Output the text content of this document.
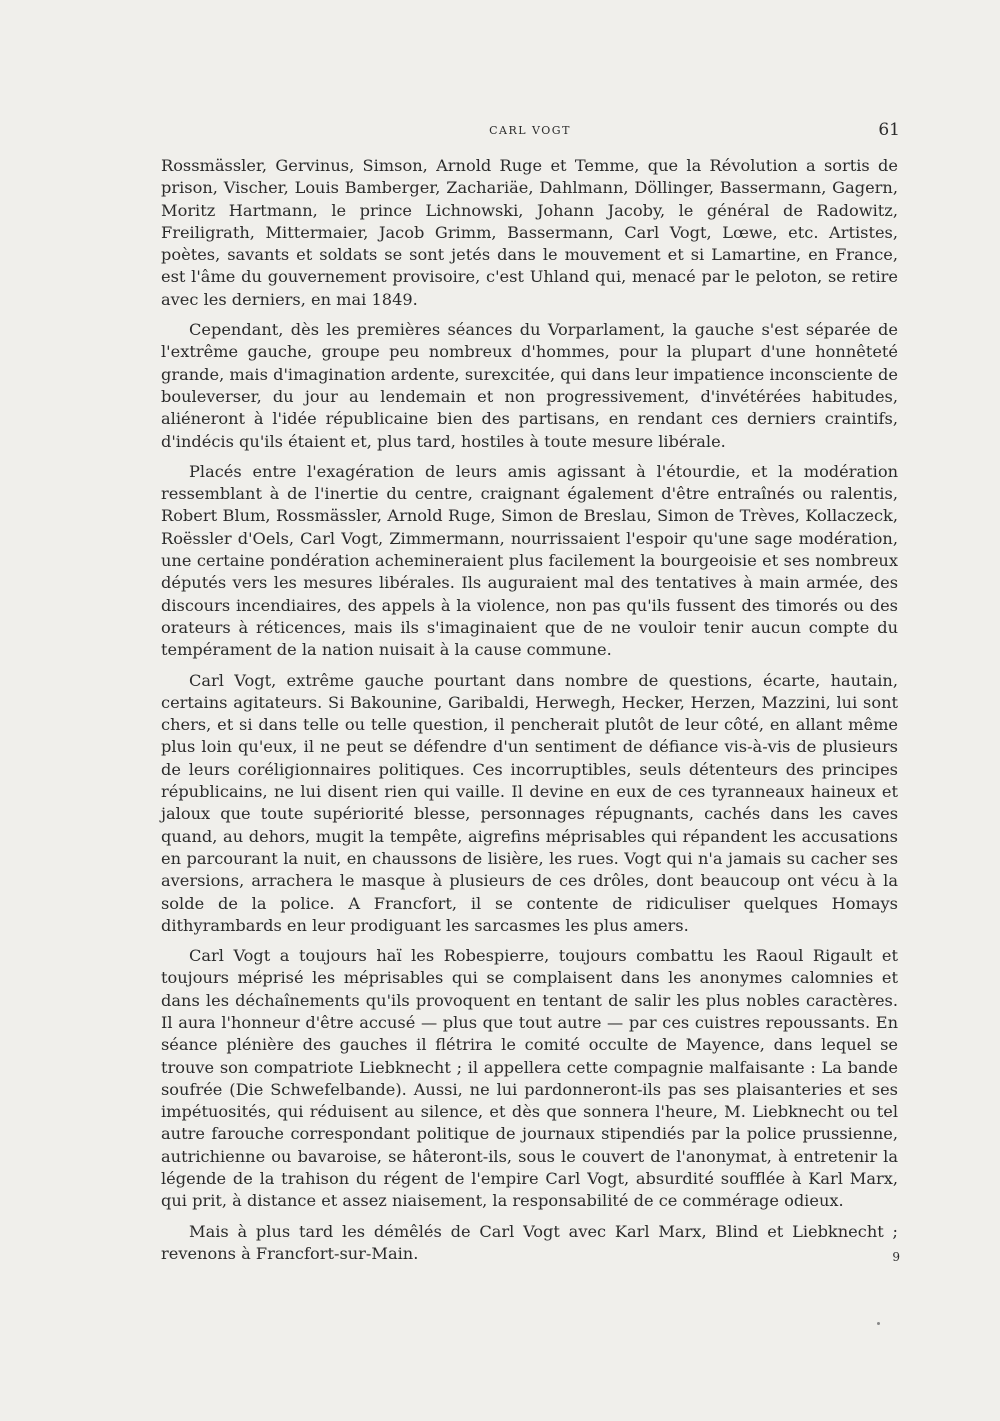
CARL VOGT	61

Rossmässler, Gervinus, Simson, Arnold Ruge et Temme, que la Révolution a sortis de prison, Vischer, Louis Bamberger, Zachariäe, Dahlmann, Döllinger, Bassermann, Gagern, Moritz Hartmann, le prince Lichnowski, Johann Jacoby, le général de Radowitz, Freiligrath, Mittermaier, Jacob Grimm, Bassermann, Carl Vogt, Lœwe, etc. Artistes, poètes, savants et soldats se sont jetés dans le mouvement et si Lamartine, en France, est l'âme du gouvernement provisoire, c'est Uhland qui, menacé par le peloton, se retire avec les derniers, en mai 1849.

Cependant, dès les premières séances du Vorparlament, la gauche s'est séparée de l'extrême gauche, groupe peu nombreux d'hommes, pour la plupart d'une honnêteté grande, mais d'imagination ardente, surexcitée, qui dans leur impatience inconsciente de bouleverser, du jour au lendemain et non progressivement, d'invétérées habitudes, aliéneront à l'idée républicaine bien des partisans, en rendant ces derniers craintifs, d'indécis qu'ils étaient et, plus tard, hostiles à toute mesure libérale.

Placés entre l'exagération de leurs amis agissant à l'étourdie, et la modération ressemblant à de l'inertie du centre, craignant également d'être entraînés ou ralentis, Robert Blum, Rossmässler, Arnold Ruge, Simon de Breslau, Simon de Trèves, Kollaczeck, Roëssler d'Oels, Carl Vogt, Zimmermann, nourrissaient l'espoir qu'une sage modération, une certaine pondération achemineraient plus facilement la bourgeoisie et ses nombreux députés vers les mesures libérales. Ils auguraient mal des tentatives à main armée, des discours incendiaires, des appels à la violence, non pas qu'ils fussent des timorés ou des orateurs à réticences, mais ils s'imaginaient que de ne vouloir tenir aucun compte du tempérament de la nation nuisait à la cause commune.

Carl Vogt, extrême gauche pourtant dans nombre de questions, écarte, hautain, certains agitateurs. Si Bakounine, Garibaldi, Herwegh, Hecker, Herzen, Mazzini, lui sont chers, et si dans telle ou telle question, il pencherait plutôt de leur côté, en allant même plus loin qu'eux, il ne peut se défendre d'un sentiment de défiance vis-à-vis de plusieurs de leurs coréligionnaires politiques. Ces incorruptibles, seuls détenteurs des principes républicains, ne lui disent rien qui vaille. Il devine en eux de ces tyranneaux haineux et jaloux que toute supériorité blesse, personnages répugnants, cachés dans les caves quand, au dehors, mugit la tempête, aigrefins méprisables qui répandent les accusations en parcourant la nuit, en chaussons de lisière, les rues. Vogt qui n'a jamais su cacher ses aversions, arrachera le masque à plusieurs de ces drôles, dont beaucoup ont vécu à la solde de la police. A Francfort, il se contente de ridiculiser quelques Homays dithyrambards en leur prodiguant les sarcasmes les plus amers.

Carl Vogt a toujours haï les Robespierre, toujours combattu les Raoul Rigault et toujours méprisé les méprisables qui se complaisent dans les anonymes calomnies et dans les déchaînements qu'ils provoquent en tentant de salir les plus nobles caractères. Il aura l'honneur d'être accusé — plus que tout autre — par ces cuistres repoussants. En séance plénière des gauches il flétrira le comité occulte de Mayence, dans lequel se trouve son compatriote Liebknecht ; il appellera cette compagnie malfaisante : La bande soufrée (Die Schwefelbande). Aussi, ne lui pardonneront-ils pas ses plaisanteries et ses impétuosités, qui réduisent au silence, et dès que sonnera l'heure, M. Liebknecht ou tel autre farouche correspondant politique de journaux stipendiés par la police prussienne, autrichienne ou bavaroise, se hâteront-ils, sous le couvert de l'anonymat, à entretenir la légende de la trahison du régent de l'empire Carl Vogt, absurdité soufflée à Karl Marx, qui prit, à distance et assez niaisement, la responsabilité de ce commérage odieux.

Mais à plus tard les démêlés de Carl Vogt avec Karl Marx, Blind et Liebknecht ; revenons à Francfort-sur-Main.	9
